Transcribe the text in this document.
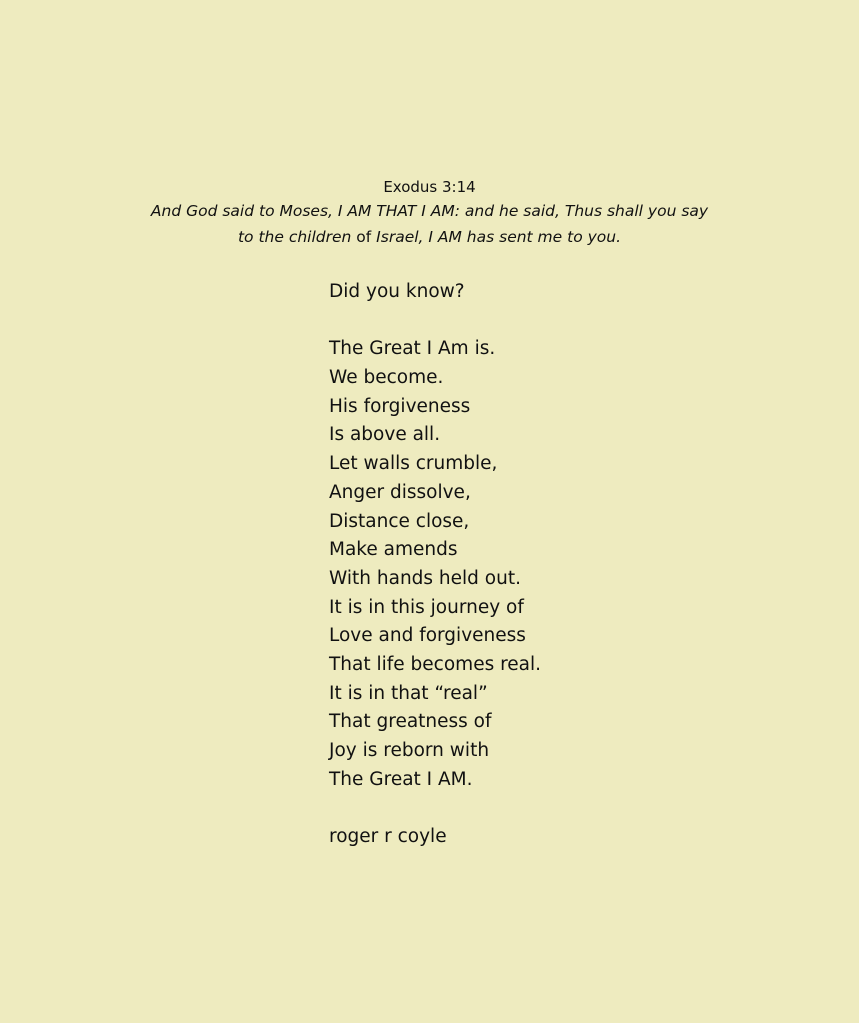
Exodus 3:14
And God said to Moses, I AM THAT I AM: and he said, Thus shall you say
to the children of Israel, I AM has sent me to you.
Did you know?
The Great I Am is.
We become.
His forgiveness
Is above all.
Let walls crumble,
Anger dissolve,
Distance close,
Make amends
With hands held out.
It is in this journey of
Love and forgiveness
That life becomes real.
It is in that “real”
That greatness of
Joy is reborn with
The Great I AM.
roger r coyle
